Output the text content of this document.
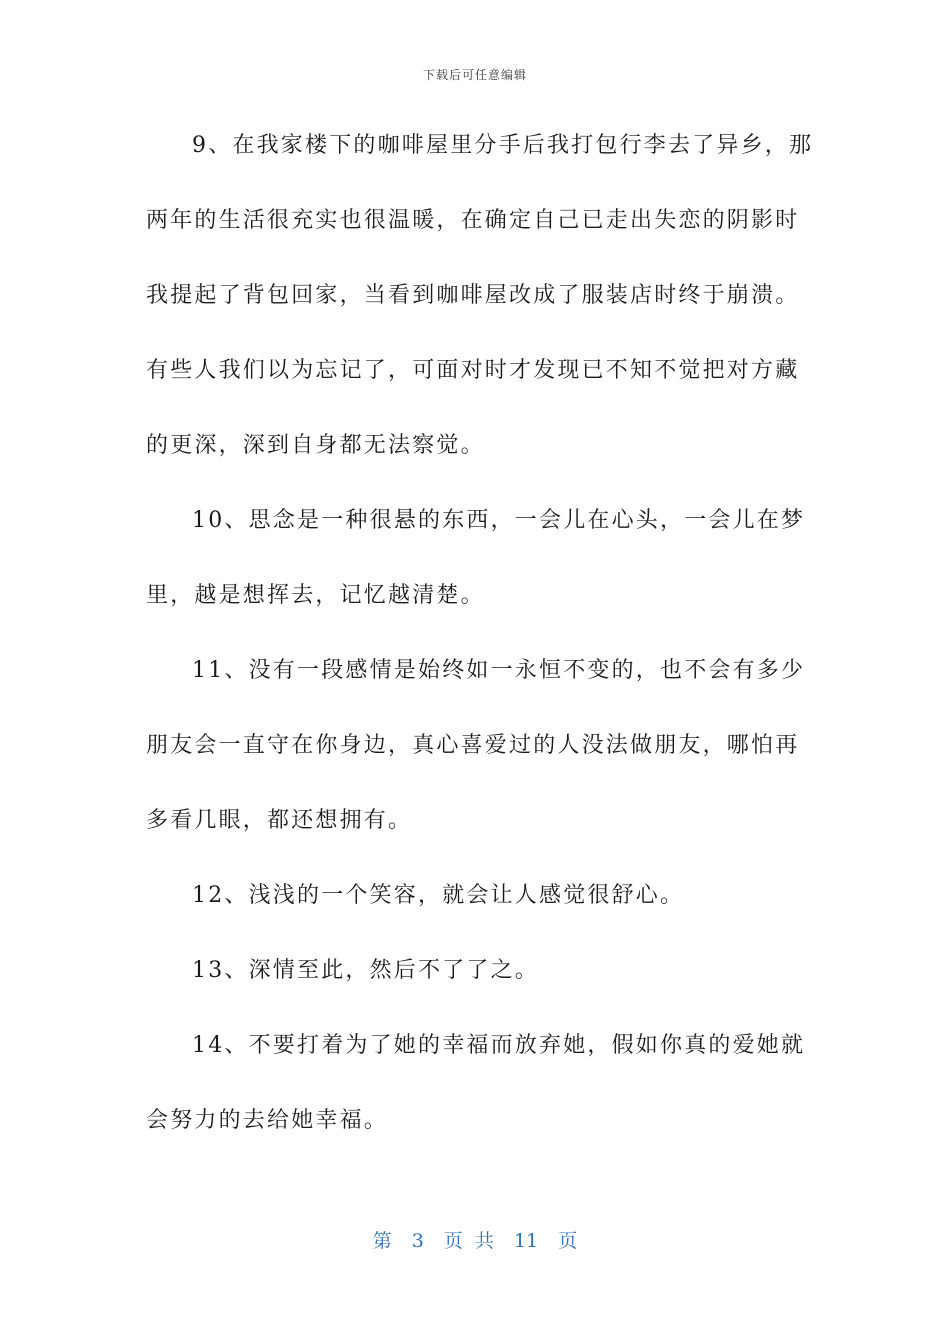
下载后可任意编辑

9、在我家楼下的咖啡屋里分手后我打包行李去了异乡，那
两年的生活很充实也很温暖，在确定自己已走出失恋的阴影时
我提起了背包回家，当看到咖啡屋改成了服装店时终于崩溃。
有些人我们以为忘记了，可面对时才发现已不知不觉把对方藏
的更深，深到自身都无法察觉。

10、思念是一种很悬的东西，一会儿在心头，一会儿在梦
里，越是想挥去，记忆越清楚。

11、没有一段感情是始终如一永恒不变的，也不会有多少
朋友会一直守在你身边，真心喜爱过的人没法做朋友，哪怕再
多看几眼，都还想拥有。

12、浅浅的一个笑容，就会让人感觉很舒心。

13、深情至此，然后不了了之。

14、不要打着为了她的幸福而放弃她，假如你真的爱她就
会努力的去给她幸福。

第 3 页 共 11 页
